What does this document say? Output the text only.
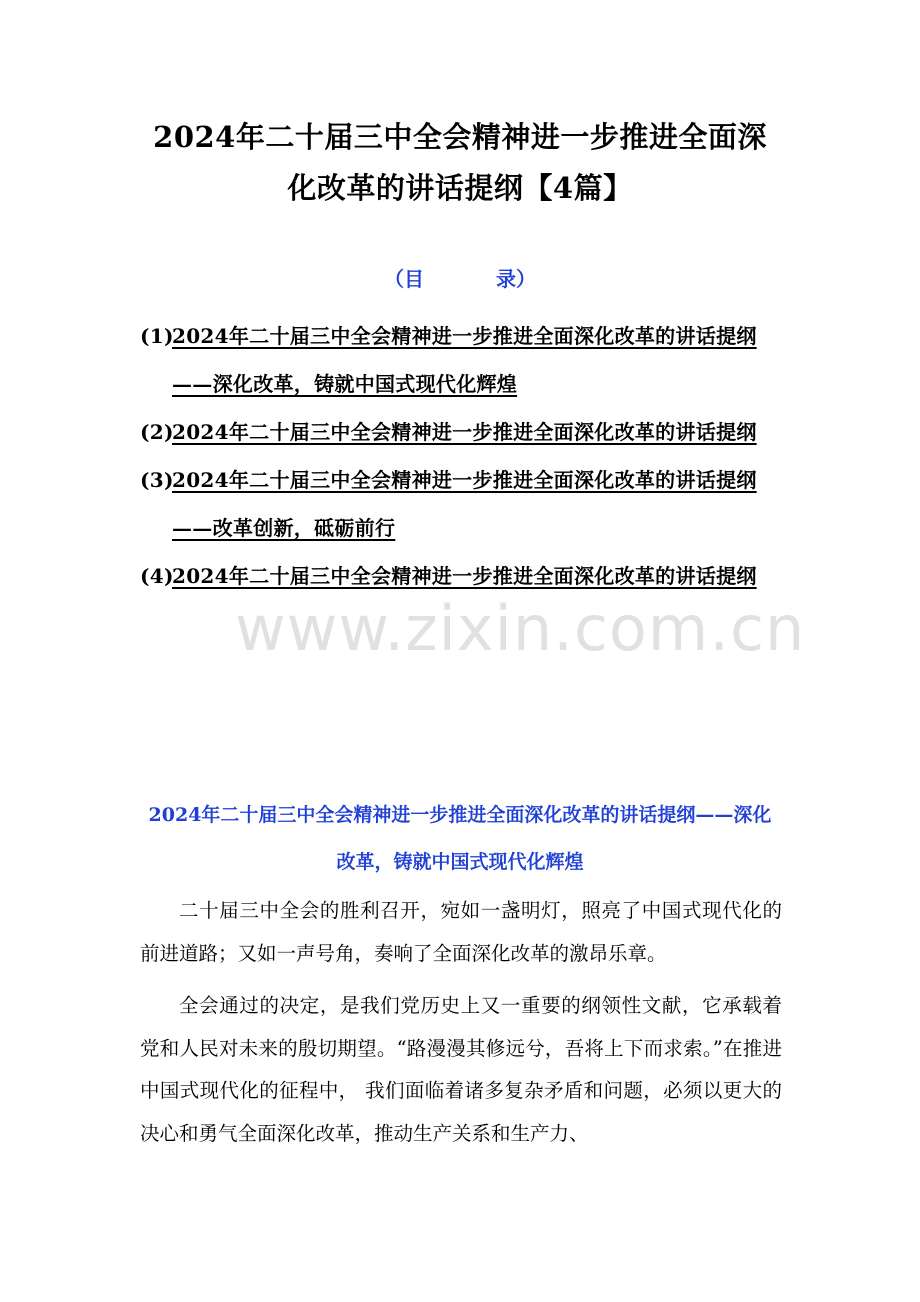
2024年二十届三中全会精神进一步推进全面深化改革的讲话提纲【4篇】
（目	录）
(1)
2024年二十届三中全会精神进一步推进全面深化改革的讲话提纲——深化改革，铸就中国式现代化辉煌
(2)
2024年二十届三中全会精神进一步推进全面深化改革的讲话提纲
(3)
2024年二十届三中全会精神进一步推进全面深化改革的讲话提纲——改革创新，砥砺前行
(4)
2024年二十届三中全会精神进一步推进全面深化改革的讲话提纲
www.zixin.com.cn
2024年二十届三中全会精神进一步推进全面深化改革的讲话提纲——深化改革，铸就中国式现代化辉煌

二十届三中全会的胜利召开，宛如一盏明灯，照亮了中国式现代化的前进道路；又如一声号角，奏响了全面深化改革的激昂乐章。

全会通过的决定，是我们党历史上又一重要的纲领性文献，它承载着党和人民对未来的殷切期望。“路漫漫其修远兮，吾将上下而求索。”在推进中国式现代化的征程中， 我们面临着诸多复杂矛盾和问题，必须以更大的决心和勇气全面深化改革，推动生产关系和生产力、
